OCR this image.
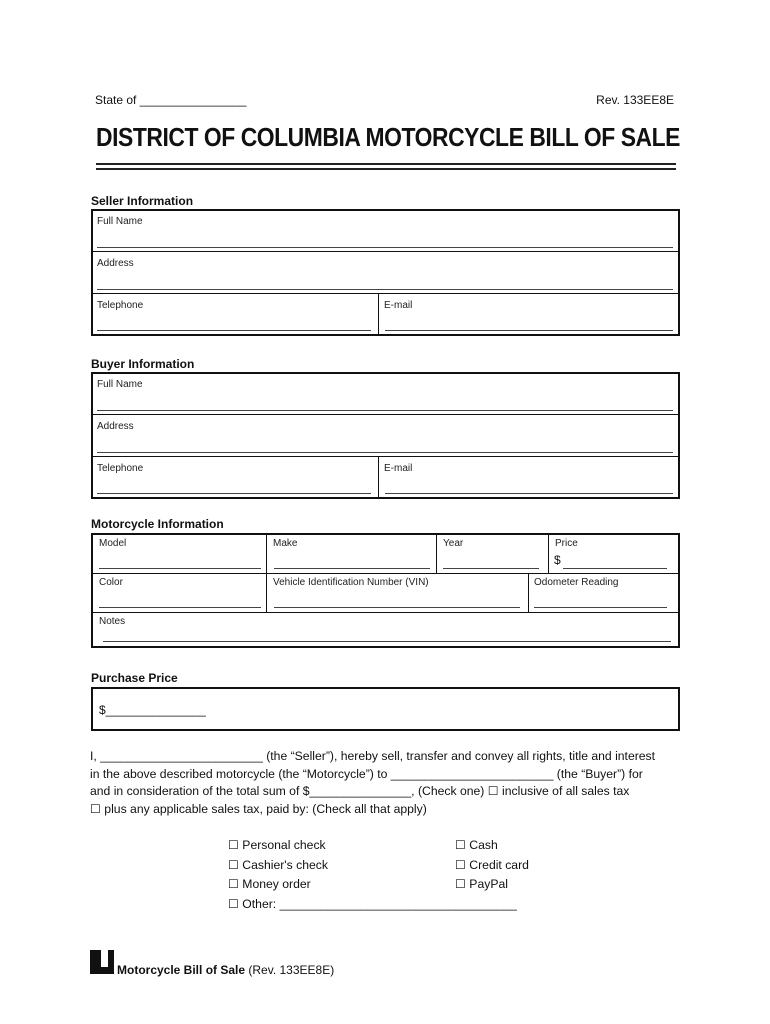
State of ________________	Rev. 133EE8E
DISTRICT OF COLUMBIA MOTORCYCLE BILL OF SALE
Seller Information
Full Name
Address
Telephone	E-mail
Buyer Information
Full Name
Address
Telephone	E-mail
Motorcycle Information
Model	Make	Year	Price
$
Color	Vehicle Identification Number (VIN)	Odometer Reading
Notes
Purchase Price
$_______________
I, ________________________ (the “Seller”), hereby sell, transfer and convey all rights, title and interest
in the above described motorcycle (the “Motorcycle”) to ________________________ (the “Buyer”) for
and in consideration of the total sum of $_______________, (Check one) ☐ inclusive of all sales tax
☐ plus any applicable sales tax, paid by: (Check all that apply)
☐ Personal check
☐ Cashier's check
☐ Money order
☐ Other: ___________________________________
☐ Cash
☐ Credit card
☐ PayPal
Motorcycle Bill of Sale (Rev. 133EE8E)
